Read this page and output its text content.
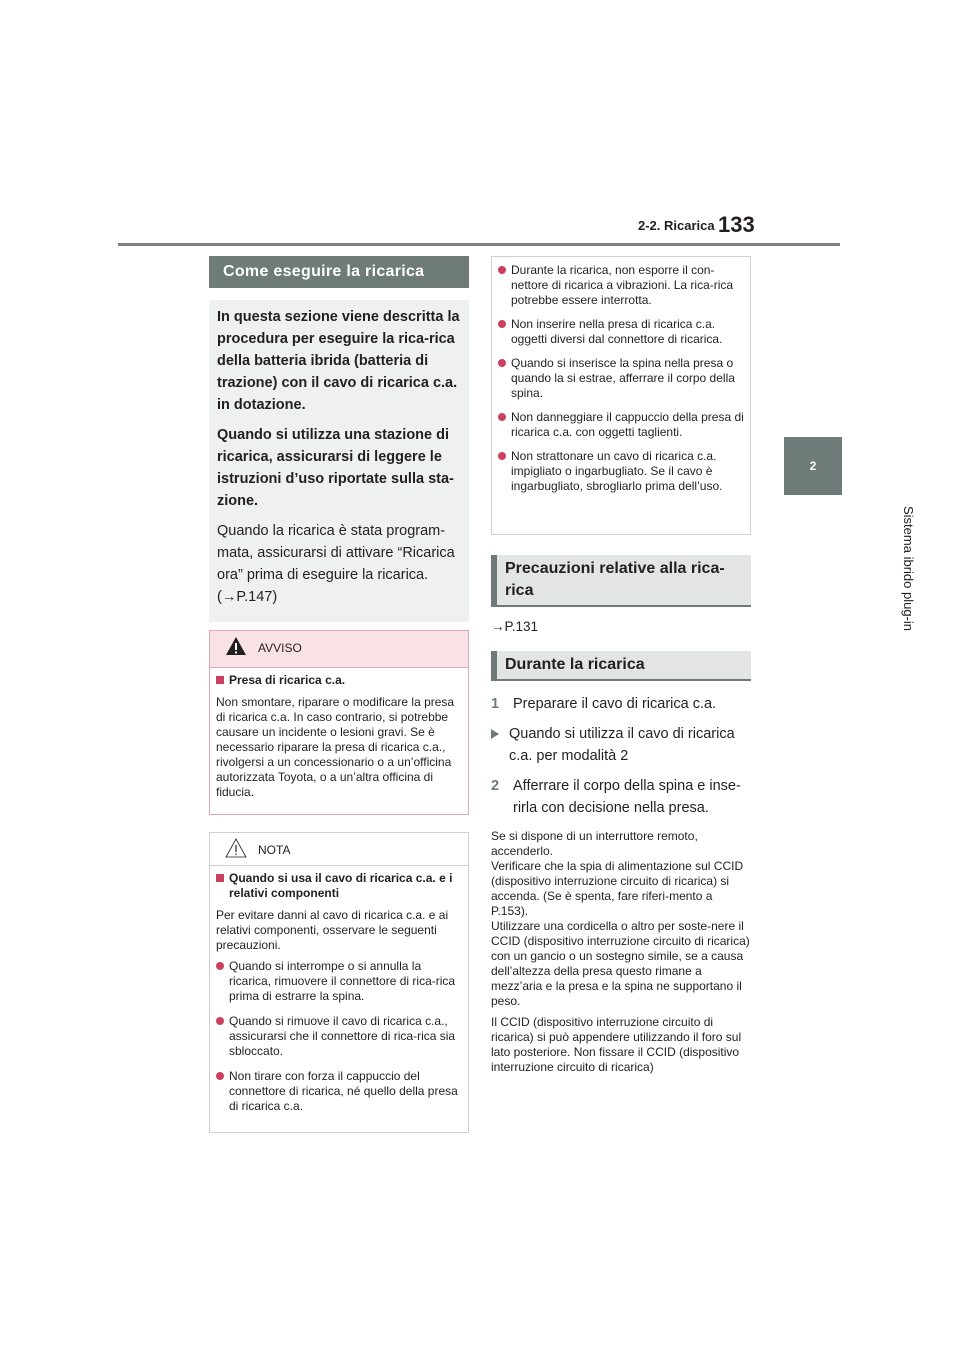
2-2. Ricarica 133
2
Sistema ibrido plug-in
Come eseguire la ricarica

In questa sezione viene descritta la procedura per eseguire la rica-rica della batteria ibrida (batteria di trazione) con il cavo di ricarica c.a. in dotazione.

Quando si utilizza una stazione di ricarica, assicurarsi di leggere le istruzioni d’uso riportate sulla sta-zione.

Quando la ricarica è stata program-mata, assicurarsi di attivare “Ricarica ora” prima di eseguire la ricarica. (→P.147)

AVVISO
Presa di ricarica c.a.

Non smontare, riparare o modificare la presa di ricarica c.a. In caso contrario, si potrebbe causare un incidente o lesioni gravi. Se è necessario riparare la presa di ricarica c.a., rivolgersi a un concessionario o a un’officina autorizzata Toyota, o a un’altra officina di fiducia.

NOTA
Quando si usa il cavo di ricarica c.a. e i relativi componenti

Per evitare danni al cavo di ricarica c.a. e ai relativi componenti, osservare le seguenti precauzioni.

Quando si interrompe o si annulla la ricarica, rimuovere il connettore di rica-rica prima di estrarre la spina.
Quando si rimuove il cavo di ricarica c.a., assicurarsi che il connettore di rica-rica sia sbloccato.
Non tirare con forza il cappuccio del connettore di ricarica, né quello della presa di ricarica c.a.
Durante la ricarica, non esporre il con-nettore di ricarica a vibrazioni. La rica-rica potrebbe essere interrotta.
Non inserire nella presa di ricarica c.a. oggetti diversi dal connettore di ricarica.
Quando si inserisce la spina nella presa o quando la si estrae, afferrare il corpo della spina.
Non danneggiare il cappuccio della presa di ricarica c.a. con oggetti taglienti.
Non strattonare un cavo di ricarica c.a. impigliato o ingarbugliato. Se il cavo è ingarbugliato, sbrogliarlo prima dell’uso.
Precauzioni relative alla rica-rica

→P.131

Durante la ricarica
1 Preparare il cavo di ricarica c.a.
Quando si utilizza il cavo di ricarica c.a. per modalità 2
2 Afferrare il corpo della spina e inse-rirla con decisione nella presa.

Se si dispone di un interruttore remoto, accenderlo.

Verificare che la spia di alimentazione sul CCID (dispositivo interruzione circuito di ricarica) si accenda. (Se è spenta, fare riferi-mento a P.153).

Utilizzare una cordicella o altro per soste-nere il CCID (dispositivo interruzione circuito di ricarica) con un gancio o un sostegno simile, se a causa dell’altezza della presa questo rimane a mezz’aria e la presa e la spina ne supportano il peso.

Il CCID (dispositivo interruzione circuito di ricarica) si può appendere utilizzando il foro sul lato posteriore. Non fissare il CCID (dispositivo interruzione circuito di ricarica)
